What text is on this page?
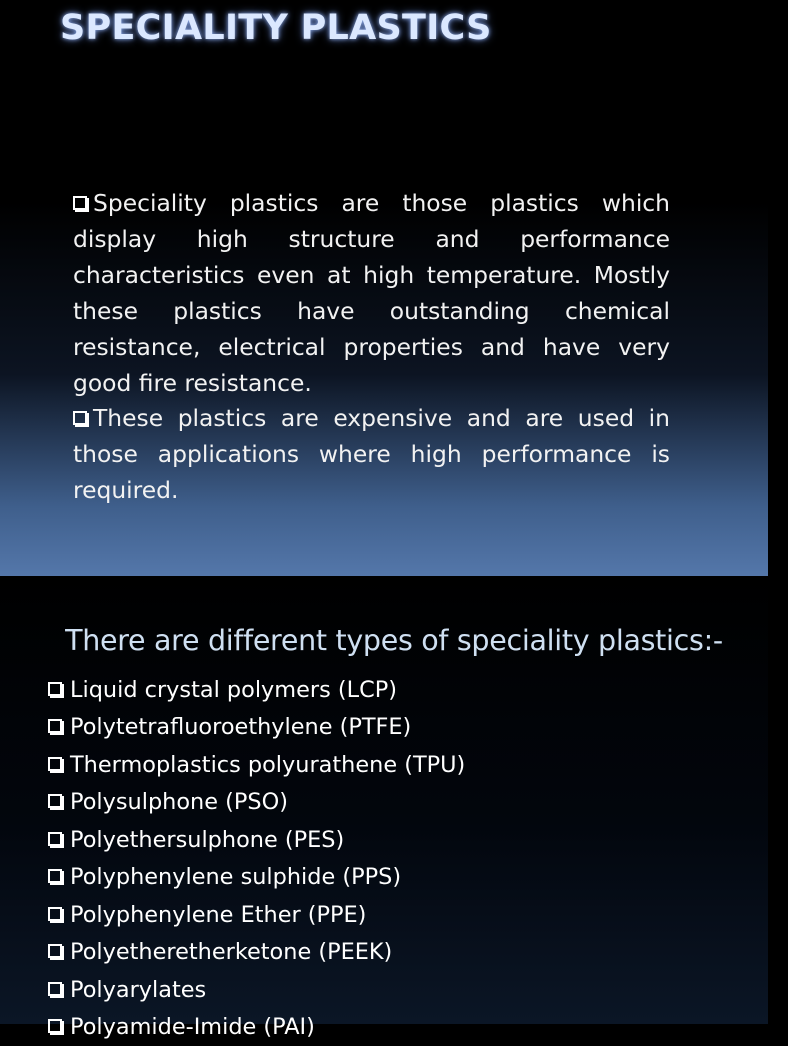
SPECIALITY PLASTICS

Speciality plastics are those plastics which display high structure and performance characteristics even at high temperature. Mostly these plastics have outstanding chemical resistance, electrical properties and have very good fire resistance.

These plastics are expensive and are used in those applications where high performance is required.

There are different types of speciality plastics:-
Liquid crystal polymers (LCP)
Polytetrafluoroethylene (PTFE)
Thermoplastics polyurathene (TPU)
Polysulphone (PSO)
Polyethersulphone (PES)
Polyphenylene sulphide (PPS)
Polyphenylene Ether (PPE)
Polyetheretherketone (PEEK)
Polyarylates
Polyamide-Imide (PAI)
